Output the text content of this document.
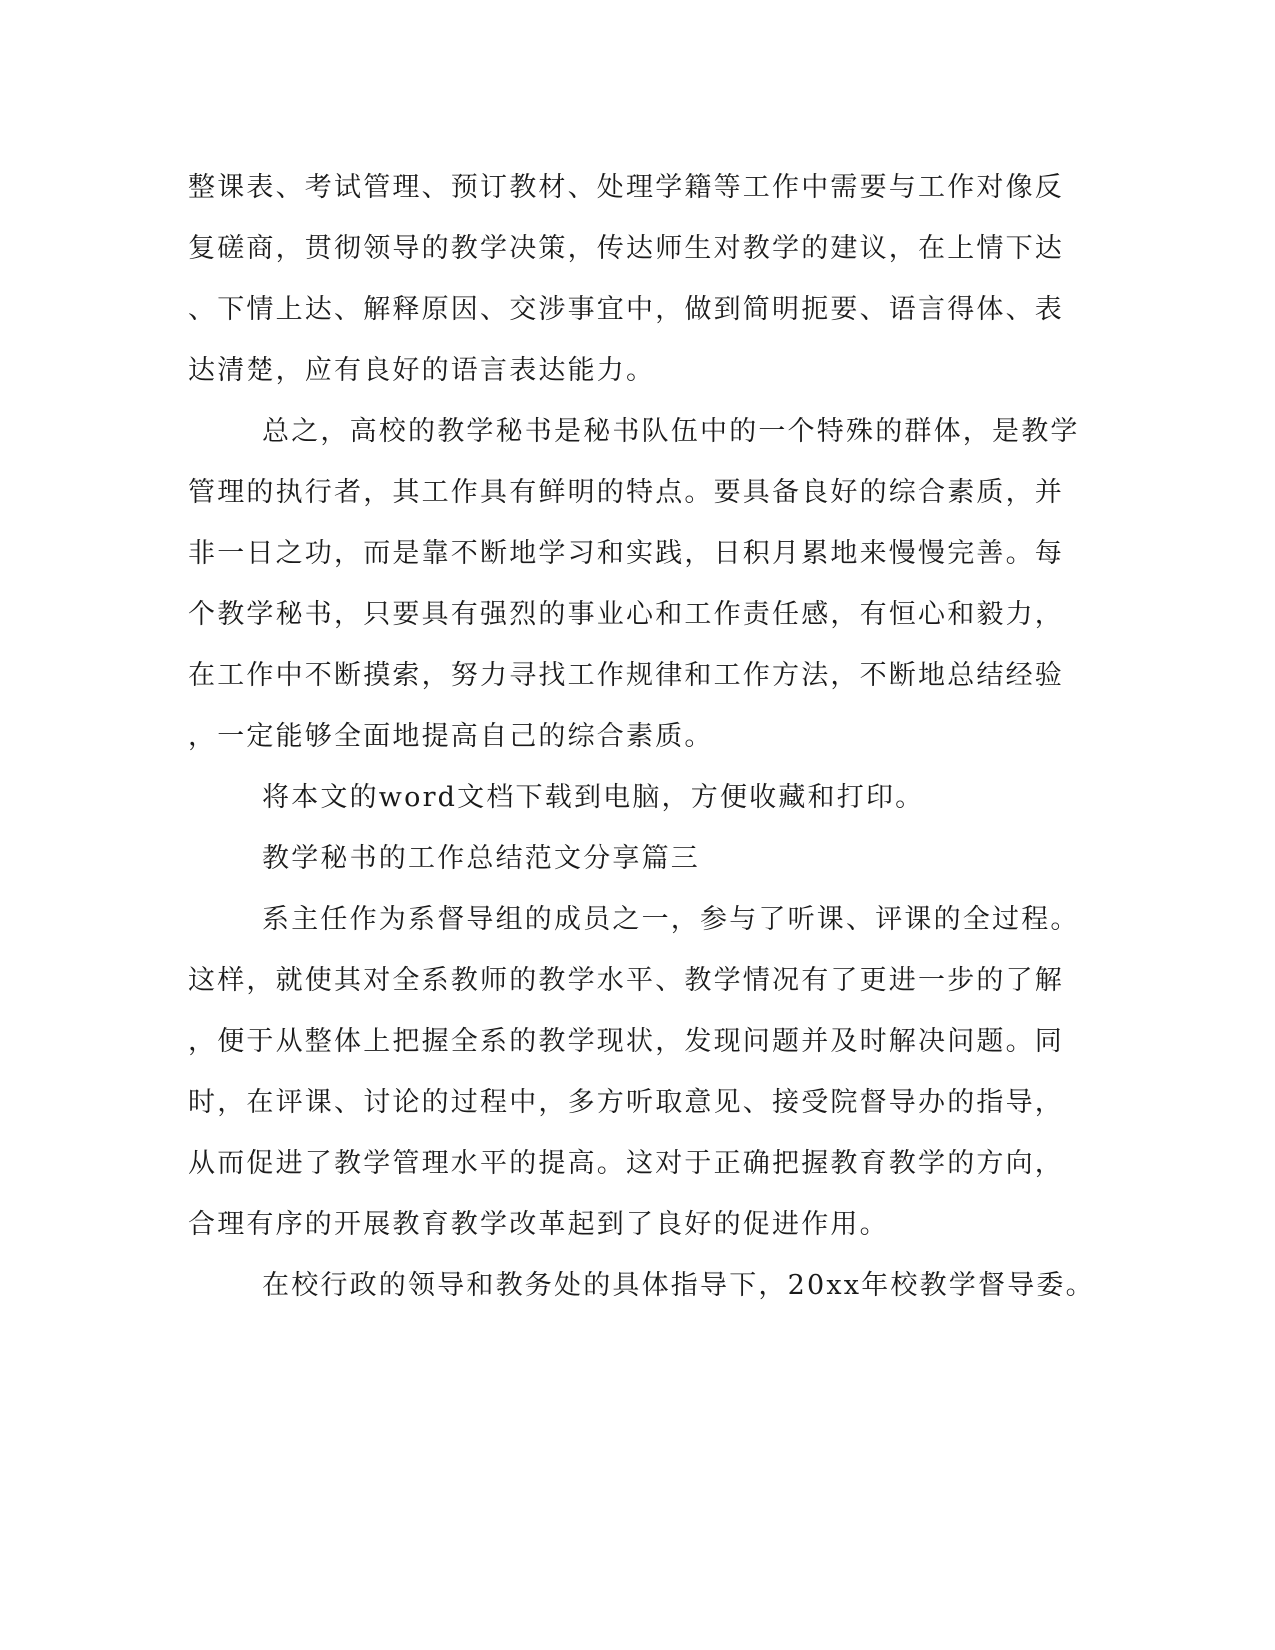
整课表、考试管理、预订教材、处理学籍等工作中需要与工作对像反
复磋商，贯彻领导的教学决策，传达师生对教学的建议，在上情下达
、下情上达、解释原因、交涉事宜中，做到简明扼要、语言得体、表
达清楚，应有良好的语言表达能力。
总之，高校的教学秘书是秘书队伍中的一个特殊的群体，是教学
管理的执行者，其工作具有鲜明的特点。要具备良好的综合素质，并
非一日之功，而是靠不断地学习和实践，日积月累地来慢慢完善。每
个教学秘书，只要具有强烈的事业心和工作责任感，有恒心和毅力，
在工作中不断摸索，努力寻找工作规律和工作方法，不断地总结经验
，一定能够全面地提高自己的综合素质。
将本文的word文档下载到电脑，方便收藏和打印。
教学秘书的工作总结范文分享篇三
系主任作为系督导组的成员之一，参与了听课、评课的全过程。
这样，就使其对全系教师的教学水平、教学情况有了更进一步的了解
，便于从整体上把握全系的教学现状，发现问题并及时解决问题。同
时，在评课、讨论的过程中，多方听取意见、接受院督导办的指导，
从而促进了教学管理水平的提高。这对于正确把握教育教学的方向，
合理有序的开展教育教学改革起到了良好的促进作用。
在校行政的领导和教务处的具体指导下，20xx年校教学督导委。
